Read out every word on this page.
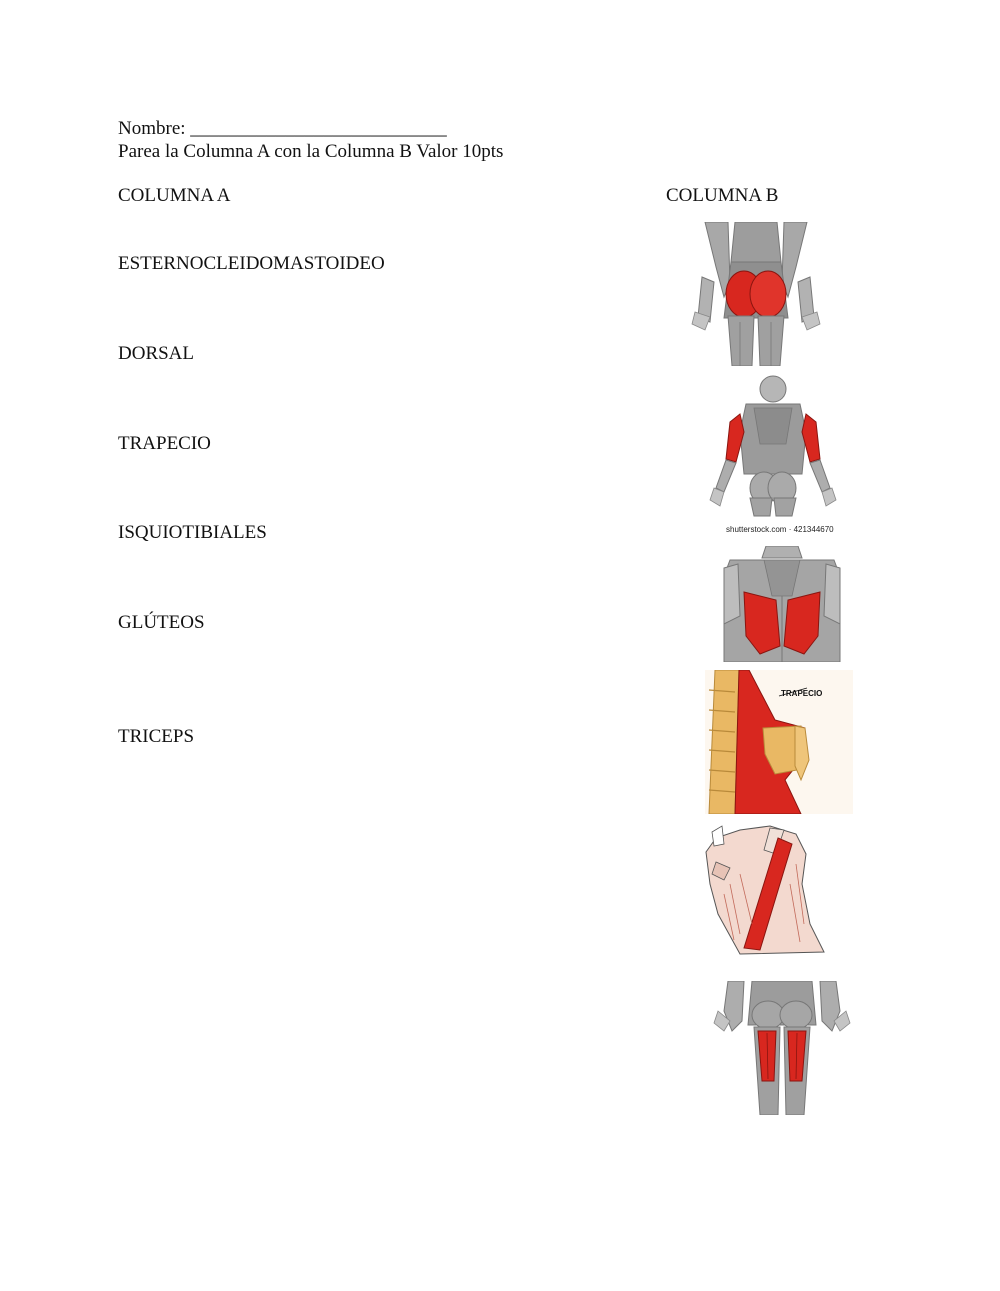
Nombre: ___________________________
Parea la Columna A con la Columna B Valor 10pts
COLUMNA A	COLUMNA B
ESTERNOCLEIDOMASTOIDEO
DORSAL
TRAPECIO
ISQUIOTIBIALES
GLÚTEOS
TRICEPS
shutterstock.com · 421344670
TRAPECIO
